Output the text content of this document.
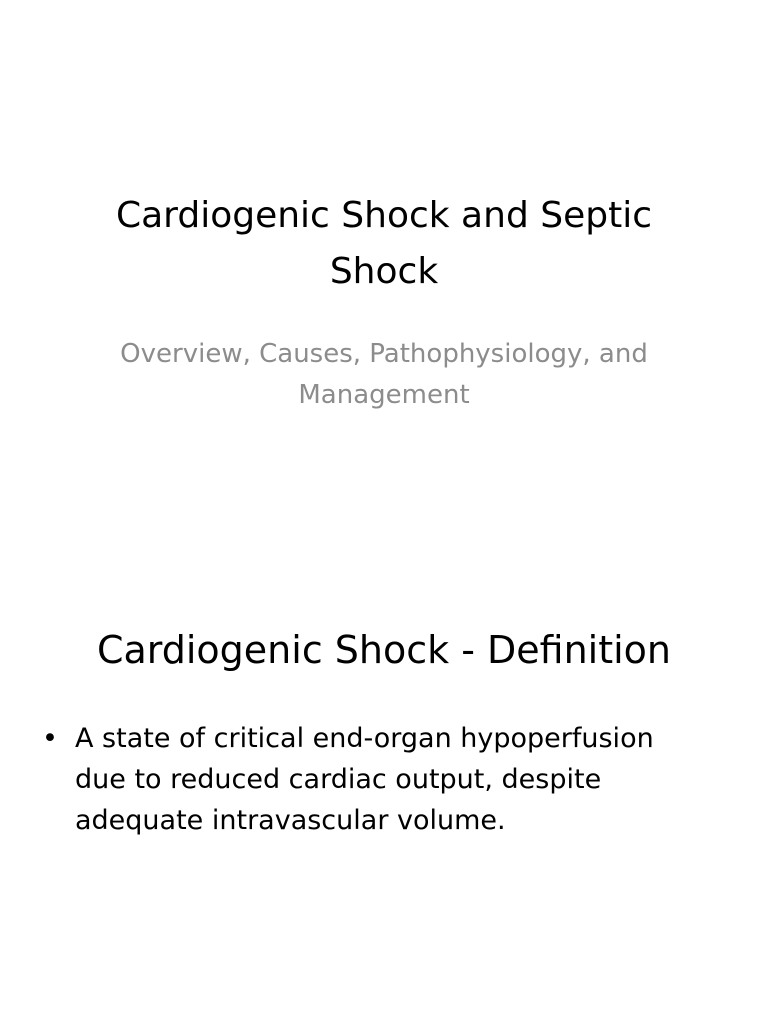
Cardiogenic Shock and Septic Shock
Overview, Causes, Pathophysiology, and Management
Cardiogenic Shock - Definition
• A state of critical end-organ hypoperfusion due to reduced cardiac output, despite adequate intravascular volume.
